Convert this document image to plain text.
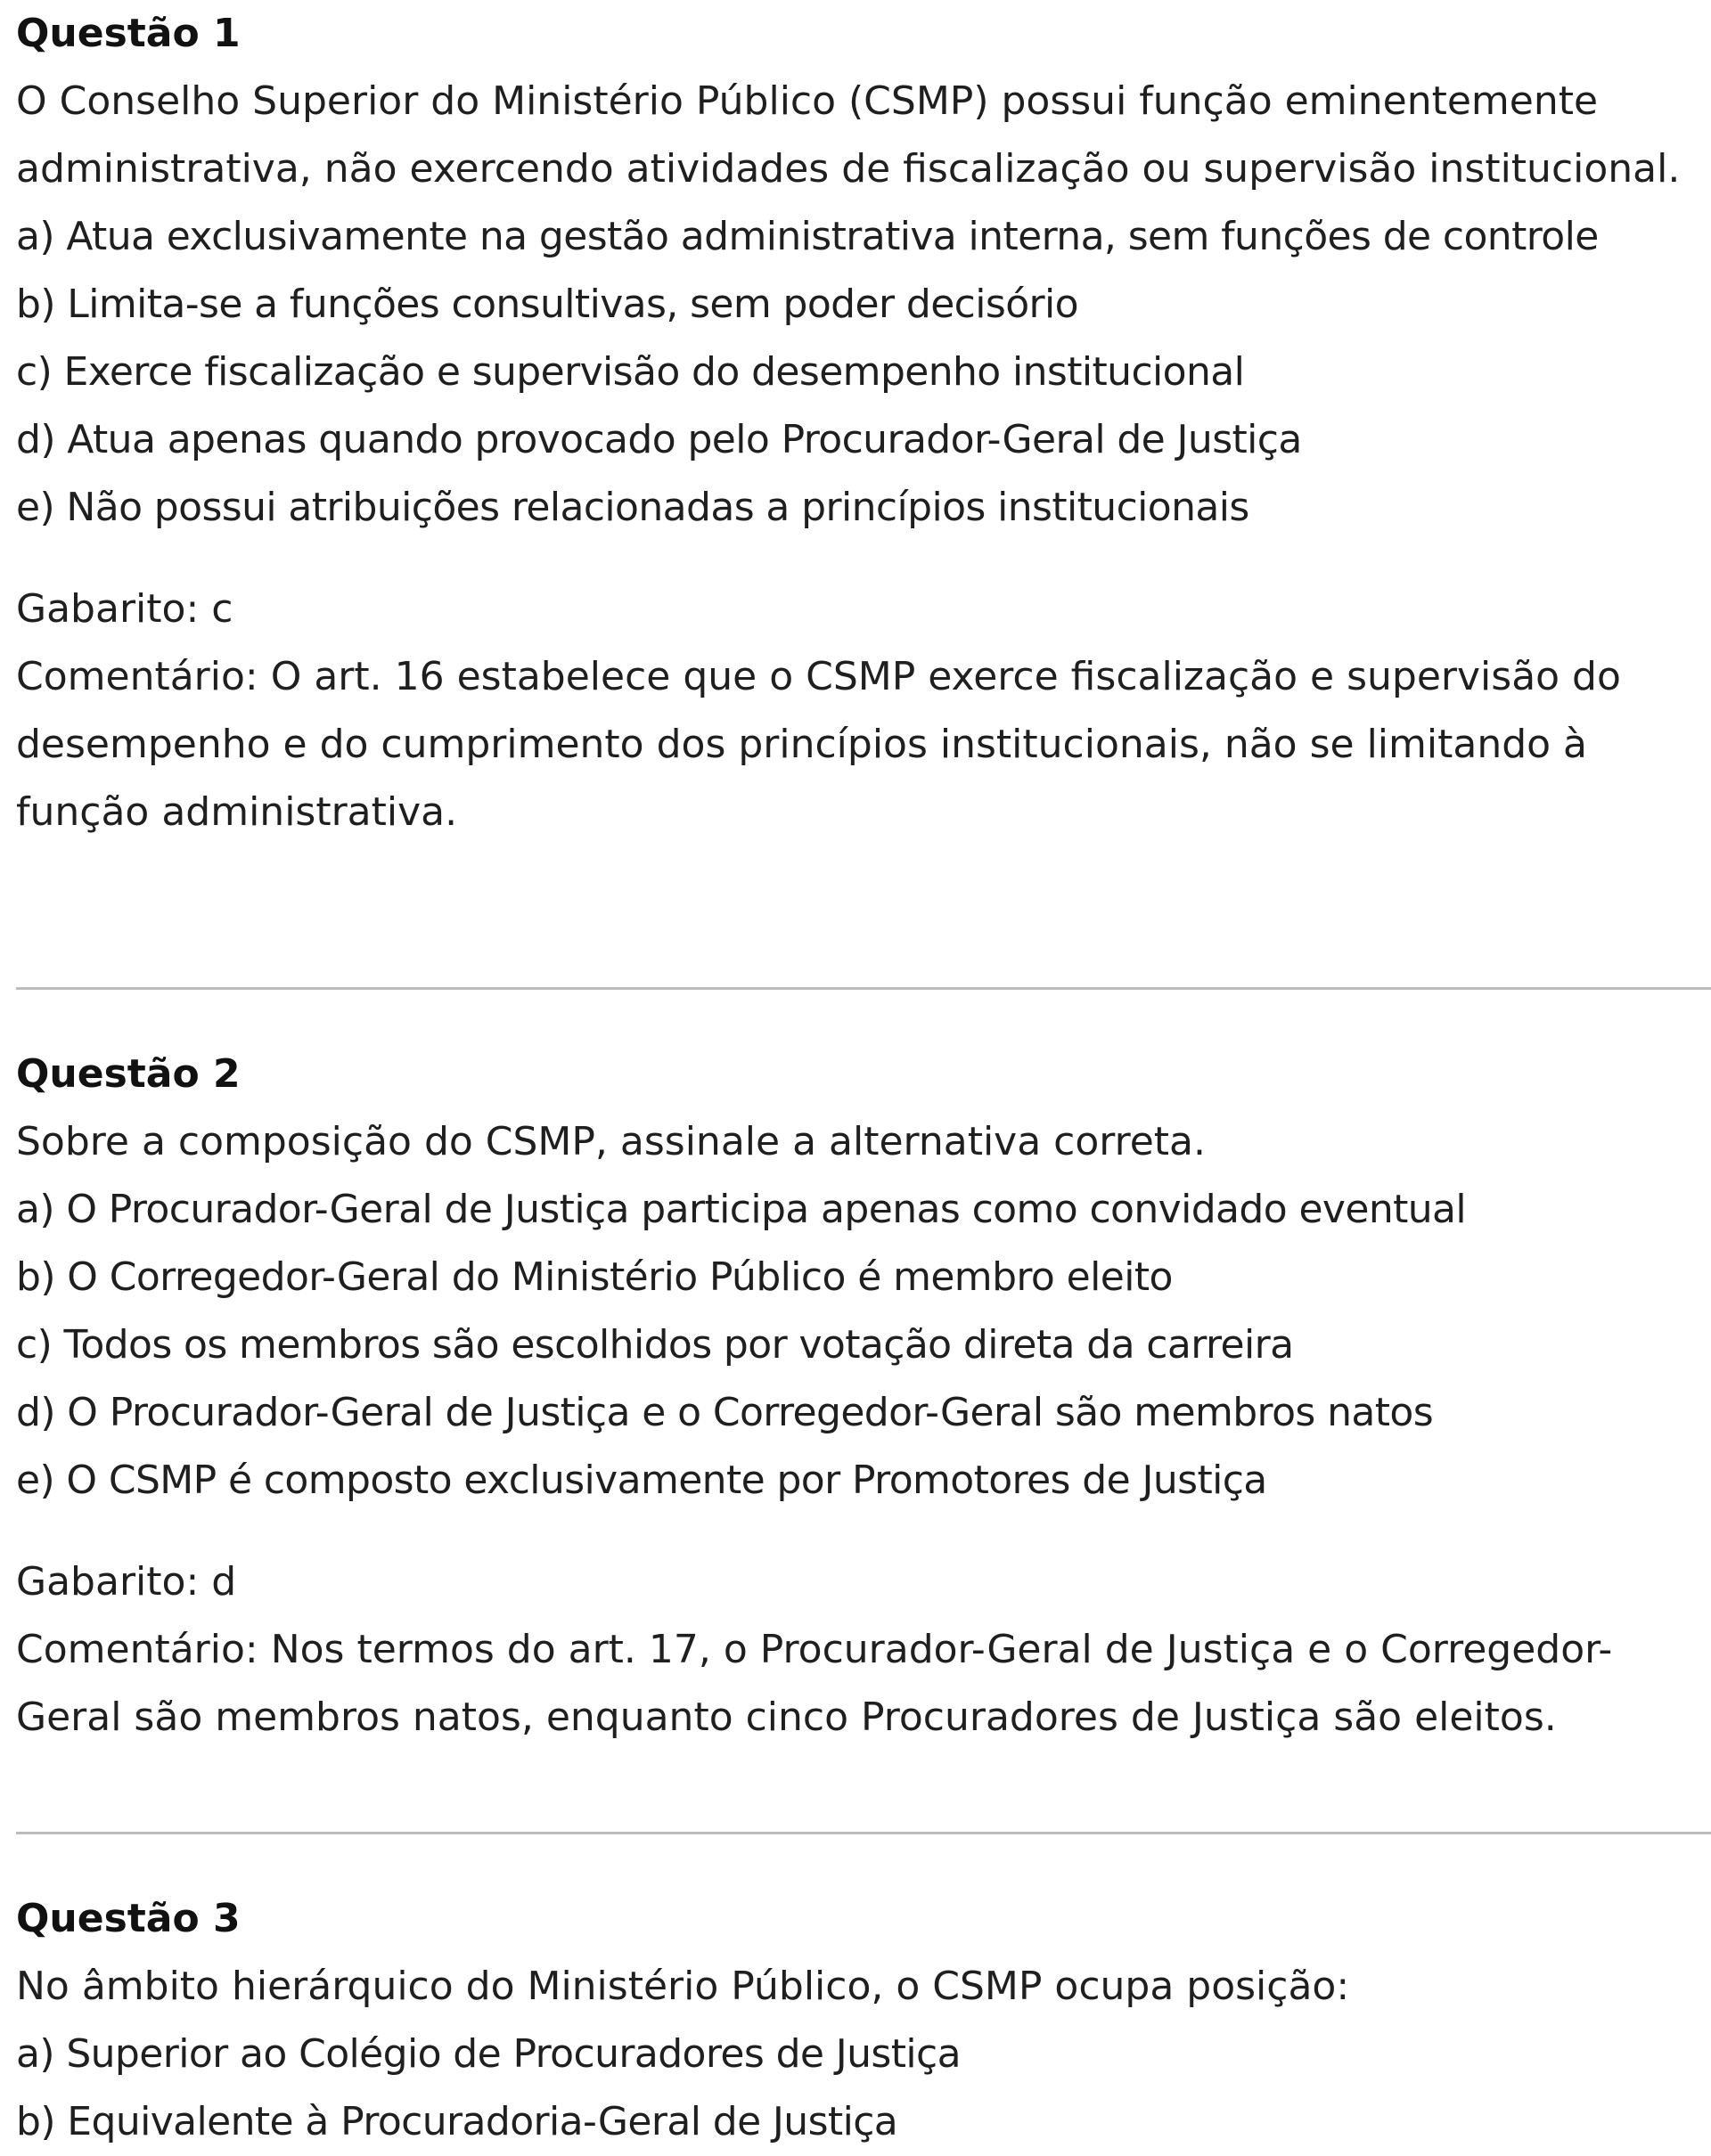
Questão 1

O Conselho Superior do Ministério Público (CSMP) possui função eminentemente administrativa, não exercendo atividades de fiscalização ou supervisão institucional.

a) Atua exclusivamente na gestão administrativa interna, sem funções de controle

b) Limita-se a funções consultivas, sem poder decisório

c) Exerce fiscalização e supervisão do desempenho institucional

d) Atua apenas quando provocado pelo Procurador-Geral de Justiça

e) Não possui atribuições relacionadas a princípios institucionais

Gabarito: c

Comentário: O art. 16 estabelece que o CSMP exerce fiscalização e supervisão do desempenho e do cumprimento dos princípios institucionais, não se limitando à função administrativa.

Questão 2

Sobre a composição do CSMP, assinale a alternativa correta.

a) O Procurador-Geral de Justiça participa apenas como convidado eventual

b) O Corregedor-Geral do Ministério Público é membro eleito

c) Todos os membros são escolhidos por votação direta da carreira

d) O Procurador-Geral de Justiça e o Corregedor-Geral são membros natos

e) O CSMP é composto exclusivamente por Promotores de Justiça

Gabarito: d

Comentário: Nos termos do art. 17, o Procurador-Geral de Justiça e o Corregedor-Geral são membros natos, enquanto cinco Procuradores de Justiça são eleitos.

Questão 3

No âmbito hierárquico do Ministério Público, o CSMP ocupa posição:

a) Superior ao Colégio de Procuradores de Justiça

b) Equivalente à Procuradoria-Geral de Justiça
